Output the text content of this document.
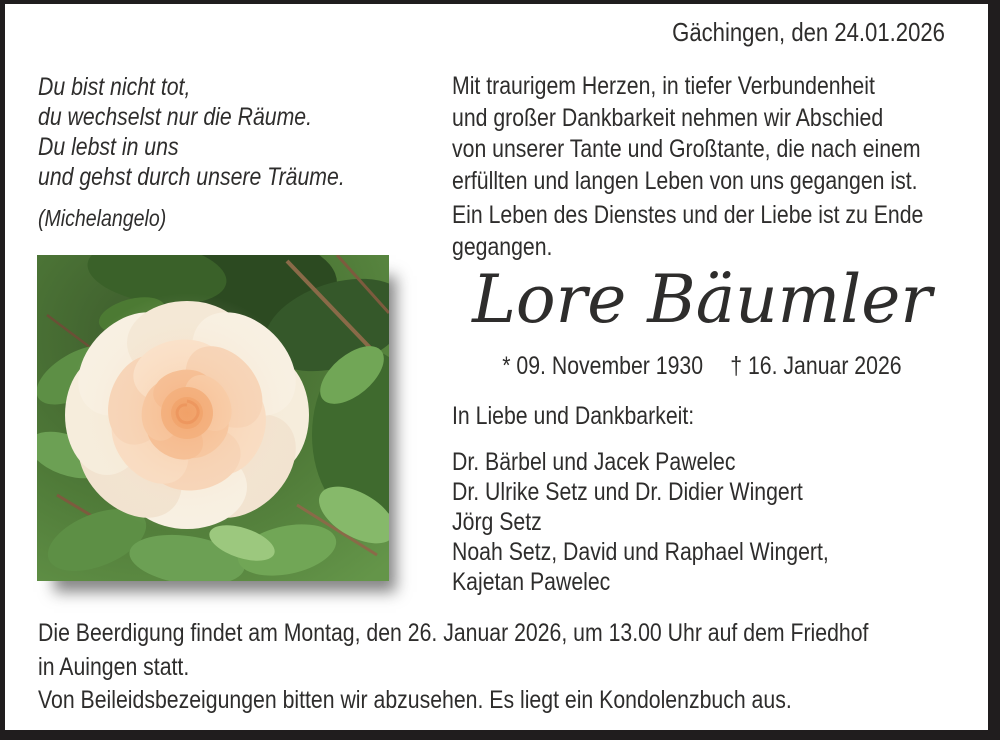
Gächingen, den 24.01.2026
Du bist nicht tot,
du wechselst nur die Räume.
Du lebst in uns
und gehst durch unsere Träume.
(Michelangelo)
Mit traurigem Herzen, in tiefer Verbundenheit
und großer Dankbarkeit nehmen wir Abschied
von unserer Tante und Großtante, die nach einem
erfüllten und langen Leben von uns gegangen ist.
Ein Leben des Dienstes und der Liebe ist zu Ende
gegangen.
Lore Bäumler
* 09. November 1930 † 16. Januar 2026
In Liebe und Dankbarkeit:
Dr. Bärbel und Jacek Pawelec
Dr. Ulrike Setz und Dr. Didier Wingert
Jörg Setz
Noah Setz, David und Raphael Wingert,
Kajetan Pawelec
Die Beerdigung findet am Montag, den 26. Januar 2026, um 13.00 Uhr auf dem Friedhof
in Auingen statt.
Von Beileidsbezeigungen bitten wir abzusehen. Es liegt ein Kondolenzbuch aus.
